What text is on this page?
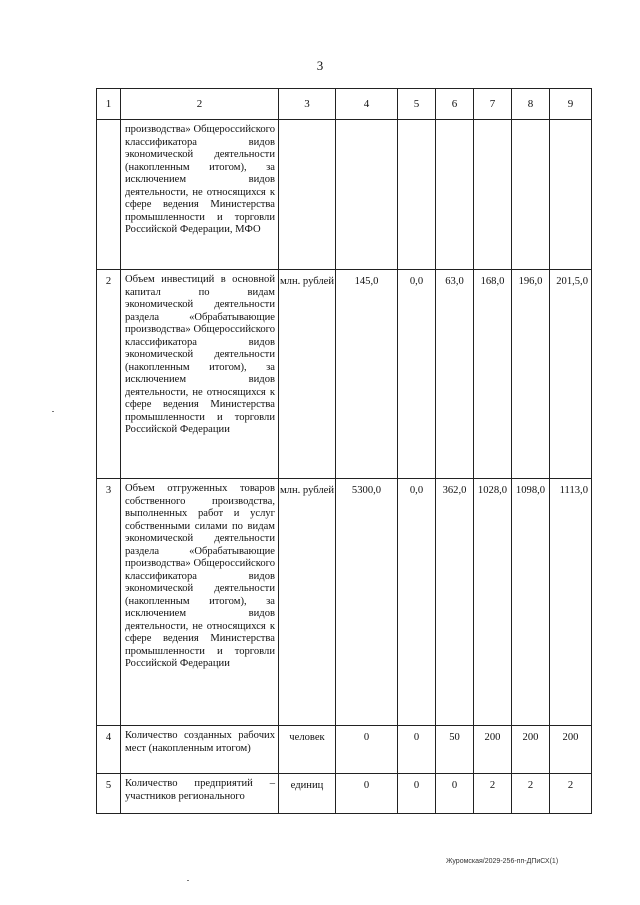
3
1	2	3	4	5	6	7	8	9
	производства» Общероссийского классификатора видов экономической деятельности (накопленным итогом), за исключением видов деятельности, не относящихся к сфере ведения Министерства промышленности и торговли Российской Федерации, МФО							
2	Объем инвестиций в основной капитал по видам экономической деятельности раздела «Обрабатывающие производства» Общероссийского классификатора видов экономической деятельности (накопленным итогом), за исключением видов деятельности, не относящихся к сфере ведения Министерства промышленности и торговли Российской Федерации	млн. рублей	145,0	0,0	63,0	168,0	196,0	201,5,0
3	Объем отгруженных товаров собственного производства, выполненных работ и услуг собственными силами по видам экономической деятельности раздела «Обрабатывающие производства» Общероссийского классификатора видов экономической деятельности (накопленным итогом), за исключением видов деятельности, не относящихся к сфере ведения Министерства промышленности и торговли Российской Федерации	млн. рублей	5300,0	0,0	362,0	1028,0	1098,0	1113,0
4	Количество созданных рабочих мест (накопленным итогом)	человек	0	0	50	200	200	200
5	Количество предприятий – участников регионального	единиц	0	0	0	2	2	2
Журомская/2029-256-пп-ДПиСХ(1)
